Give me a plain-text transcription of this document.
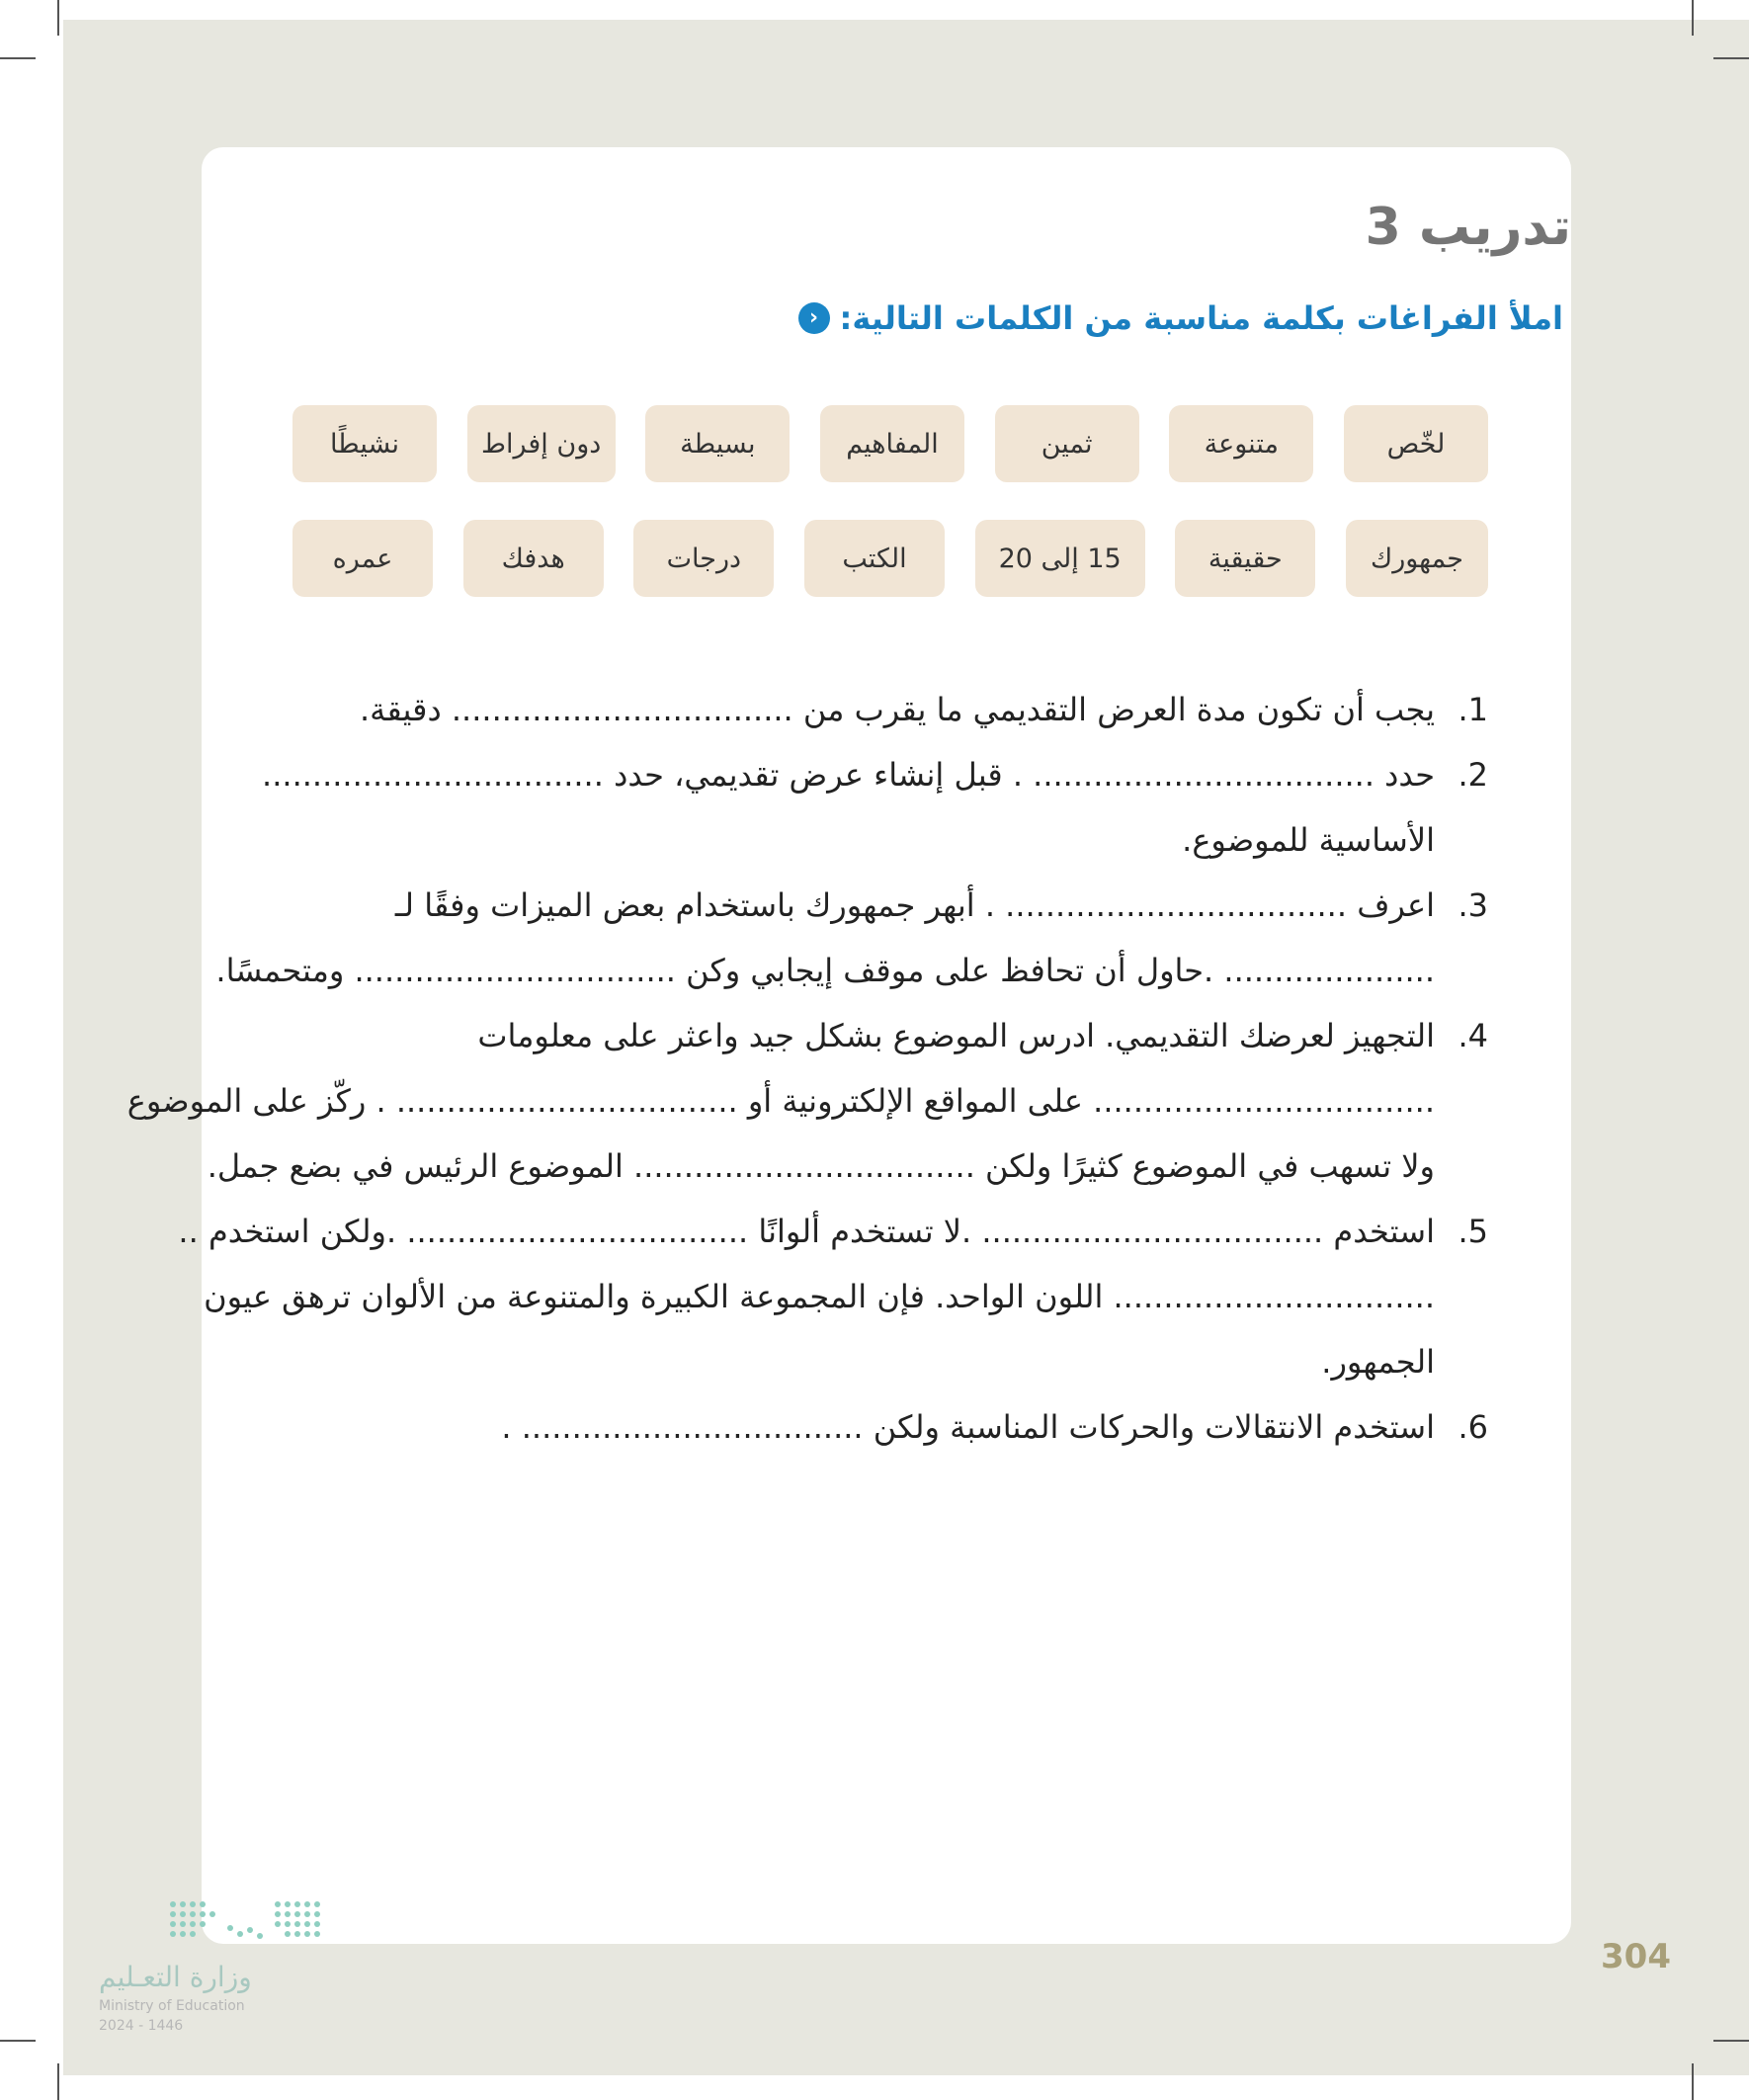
تدريب 3
‹ املأ الفراغات بكلمة مناسبة من الكلمات التالية:
لخّص
متنوعة
ثمين
المفاهيم
بسيطة
دون إفراط
نشيطًا
جمهورك
حقيقية
15 إلى 20
الكتب
درجات
هدفك
عمره
1.
يجب أن تكون مدة العرض التقديمي ما يقرب من .................................. دقيقة.
2.
حدد .................................. . قبل إنشاء عرض تقديمي، حدد ..................................
الأساسية للموضوع.
3.
اعرف .................................. . أبهر جمهورك باستخدام بعض الميزات وفقًا لـ
..................... .حاول أن تحافظ على موقف إيجابي وكن ................................ ومتحمسًا.
4.
التجهيز لعرضك التقديمي. ادرس الموضوع بشكل جيد واعثر على معلومات
.................................. على المواقع الإلكترونية أو .................................. . ركّز على الموضوع
ولا تسهب في الموضوع كثيرًا ولكن .................................. الموضوع الرئيس في بضع جمل.
5.
استخدم .................................. .لا تستخدم ألوانًا .................................. .ولكن استخدم ..
................................ اللون الواحد. فإن المجموعة الكبيرة والمتنوعة من الألوان ترهق عيون
الجمهور.
6.
استخدم الانتقالات والحركات المناسبة ولكن .................................. .
304
وزارة التعـليم
Ministry of Education
2024 - 1446
